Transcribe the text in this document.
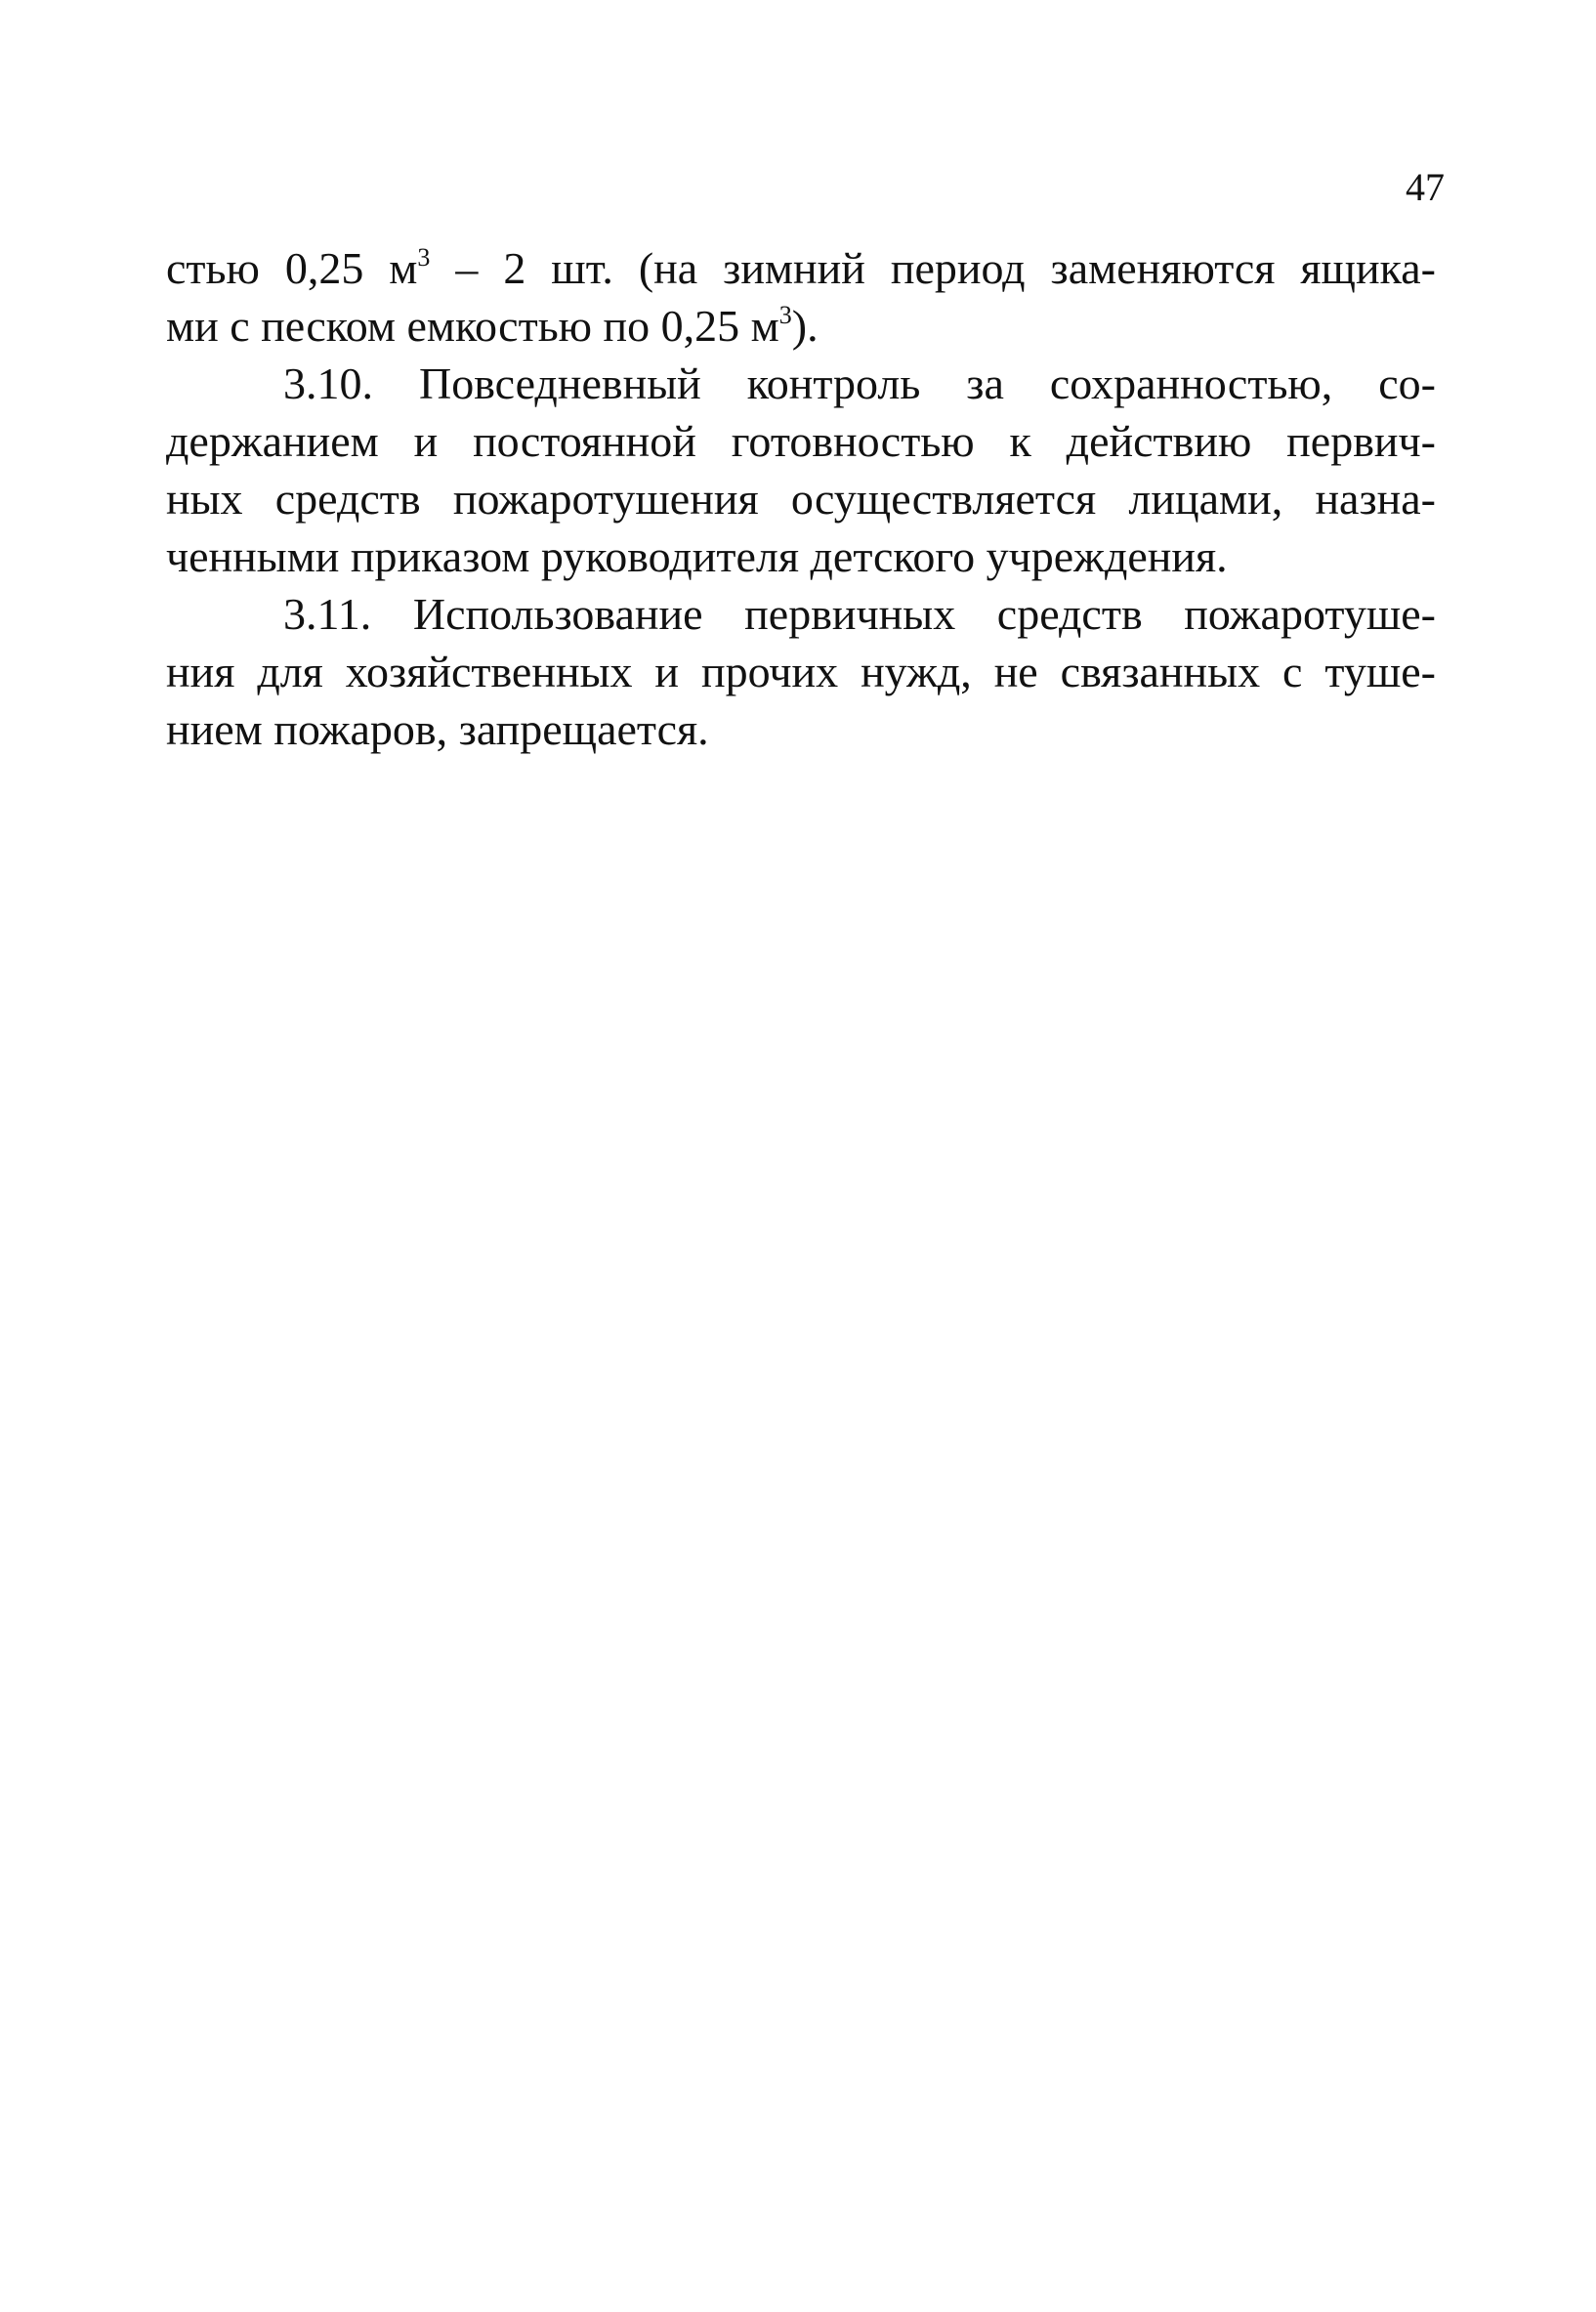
47

стью 0,25 $м^3 - 2$ шт. (на зимний период заменяются ящика-
ми с песком емкостью по 0,25 $м^3$).
3.10. Повседневный контроль за сохранностью, со-
держанием и постоянной готовностью к действию первич-
ных средств пожаротушения осуществляется лицами, назна-
ченными приказом руководителя детского учреждения.
3.11. Использование первичных средств пожаротуше-
ния для хозяйственных и прочих нужд, не связанных с туше-
нием пожаров, запрещается.
